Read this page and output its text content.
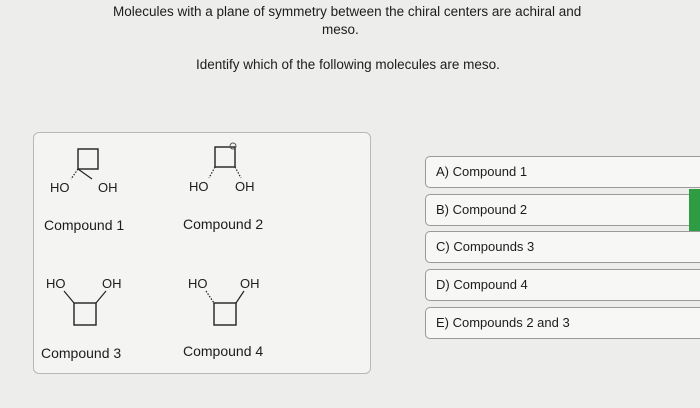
Molecules with a plane of symmetry between the chiral centers are achiral and
meso.
Identify which of the following molecules are meso.
HO OH
Compound 1
HO OH
Compound 2
HO	OH
Compound 3
HO	OH
Compound 4
A) Compound 1
B) Compound 2
C) Compounds 3
D) Compound 4
E) Compounds 2 and 3
